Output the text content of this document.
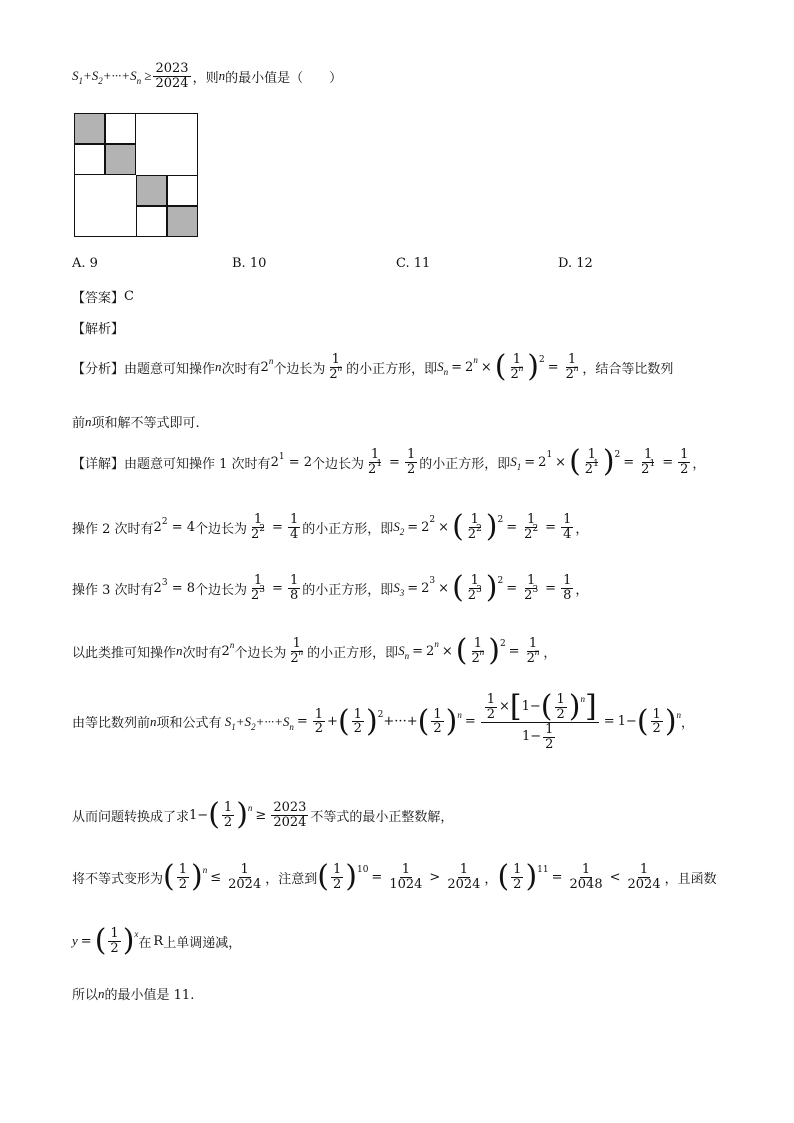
$S_1+S_2+\cdot\cdot\cdot+S_n \ge \frac{2023}{2024}$ ，则 n 的最小值是（　　）
A. 9	B. 10	C. 11	D. 12
【答案】 C
【解析】
【分析】 由题意可知操作 n 次时有 2$^n$
个边长为 $\frac{1}{2^n}$ 的小正方形，即 $S_n = 2$ n × ( $\frac{1}{2^n}$ ) $2 = \frac{1}{2^n}$ ，结合等比数列
前 n 项和解不等式即可.
【详解】 由题意可知操作 1 次时有 $2^1 = 2$ 个边长为 $\frac{1}{2^1} = \frac{1}{2}$ 的小正方形，即 $S_1 = 2$ 1 × ( $\frac{1}{2^1}$ ) $2 = \frac{1}{2^1} = \frac{1}{2}$ ，
操作 2 次时有 $2^2 = 4$ 个边长为 $\frac{1}{2^2} = \frac{1}{4}$ 的小正方形，即 $S_2 = 2$ 2 × ( $\frac{1}{2^2}$ ) $2 = \frac{1}{2^2} = \frac{1}{4}$ ，
操作 3 次时有 $2^3 = 8$ 个边长为 $\frac{1}{2^3} = \frac{1}{8}$ 的小正方形，即 $S_3 = 2$ 3 × ( $\frac{1}{2^3}$ ) $2 = \frac{1}{2^3} = \frac{1}{8}$ ，
以此类推可知操作 n 次时有 2$^n$
个边长为 $\frac{1}{2^n}$ 的小正方形，即 $S_n = 2$ n × ( $\frac{1}{2^n}$ ) $2 = \frac{1}{2^n}$ ，
由等比数列前 n 项和公式有 $S_1+S_2+\cdot\cdot\cdot+S_n = \frac{1}{2}$ + ( $\frac{1}{2}$ ) 2 +···+ ( $\frac{1}{2}$ ) $n = \frac{\frac{1}{2} \times [ 1- ( \frac{1}{2} ) n ]}{1- \frac{1}{2}} = 1-$ ( $\frac{1}{2}$ ) n
，
从而问题转换成了求 1− ( $\frac{1}{2}$ ) $n \ge \frac{2023}{2024}$ 不等式的最小正整数解，
将不等式变形为 ( $\frac{1}{2}$ ) $n \le \frac{1}{2024}$ ，注意到 ( $\frac{1}{2}$ ) $10 = \frac{1}{1024} > \frac{1}{2024}$ ， ( $\frac{1}{2}$ ) $11 = \frac{1}{2048} < \frac{1}{2024}$ ，且函数
y = ( $\frac{1}{2}$ ) x
在 R 上单调递减，
所以 n 的最小值是 11.
